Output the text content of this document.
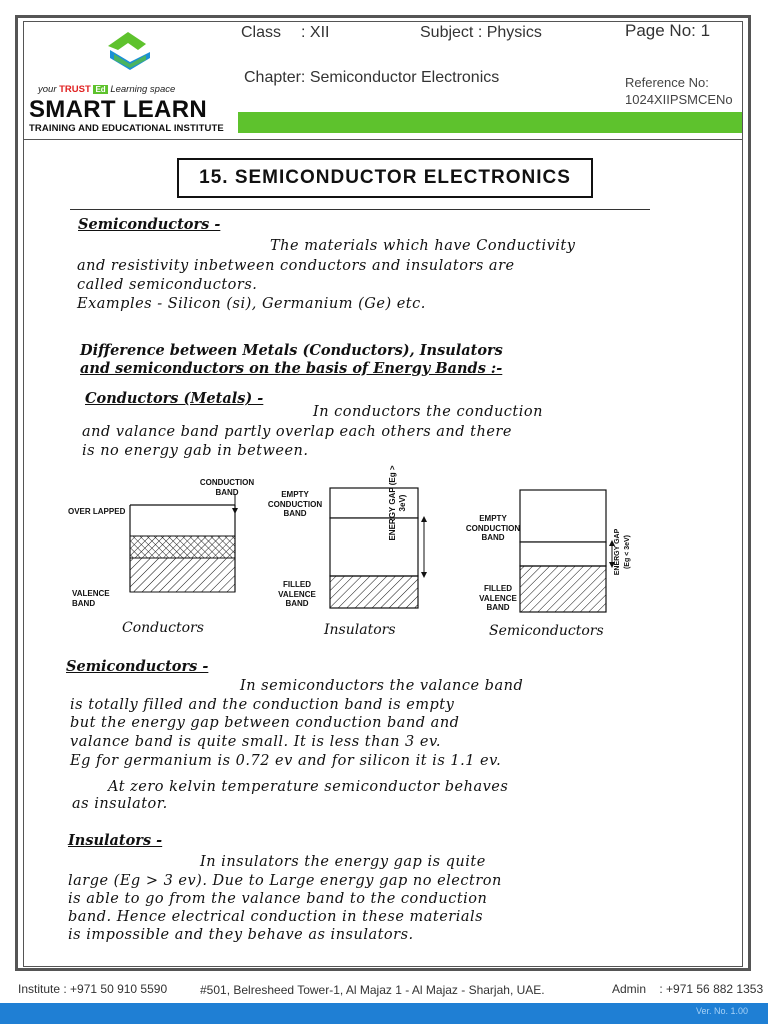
your TRUST Ed Learning space
SMART LEARN
TRAINING AND EDUCATIONAL INSTITUTE
Class : XII	Subject : Physics	Page No: 1
Chapter: Semiconductor Electronics	Reference No:
1024XIIPSMCENo
15. SEMICONDUCTOR ELECTRONICS
Semiconductors -
The materials which have Conductivity
and resistivity inbetween conductors and insulators are
called semiconductors.
Examples - Silicon (si), Germanium (Ge) etc.
Difference between Metals (Conductors), Insulators
and semiconductors on the basis of Energy Bands :-
Conductors (Metals) -
In conductors the conduction
and valance band partly overlap each others and there
is no energy gab in between.
CONDUCTION BAND
OVER LAPPED
VALENCE BAND
Conductors
EMPTY CONDUCTION BAND
FILLED VALENCE BAND
ENERGY GAP (Eg > 3eV)
Insulators
EMPTY CONDUCTION BAND
FILLED VALENCE BAND
ENERGY GAP (Eg < 3eV)
Semiconductors
Semiconductors -
In semiconductors the valance band
is totally filled and the conduction band is empty
but the energy gap between conduction band and
valance band is quite small. It is less than 3 ev.
Eg for germanium is 0.72 ev and for silicon it is 1.1 ev.
At zero kelvin temperature semiconductor behaves
as insulator.
Insulators -
In insulators the energy gap is quite
large (Eg > 3 ev). Due to Large energy gap no electron
is able to go from the valance band to the conduction
band. Hence electrical conduction in these materials
is impossible and they behave as insulators.
Institute : +971 50 910 5590	#501, Belresheed Tower-1, Al Majaz 1 - Al Majaz - Sharjah, UAE.	Admin    : +971 56 882 1353
Ver. No. 1.00
